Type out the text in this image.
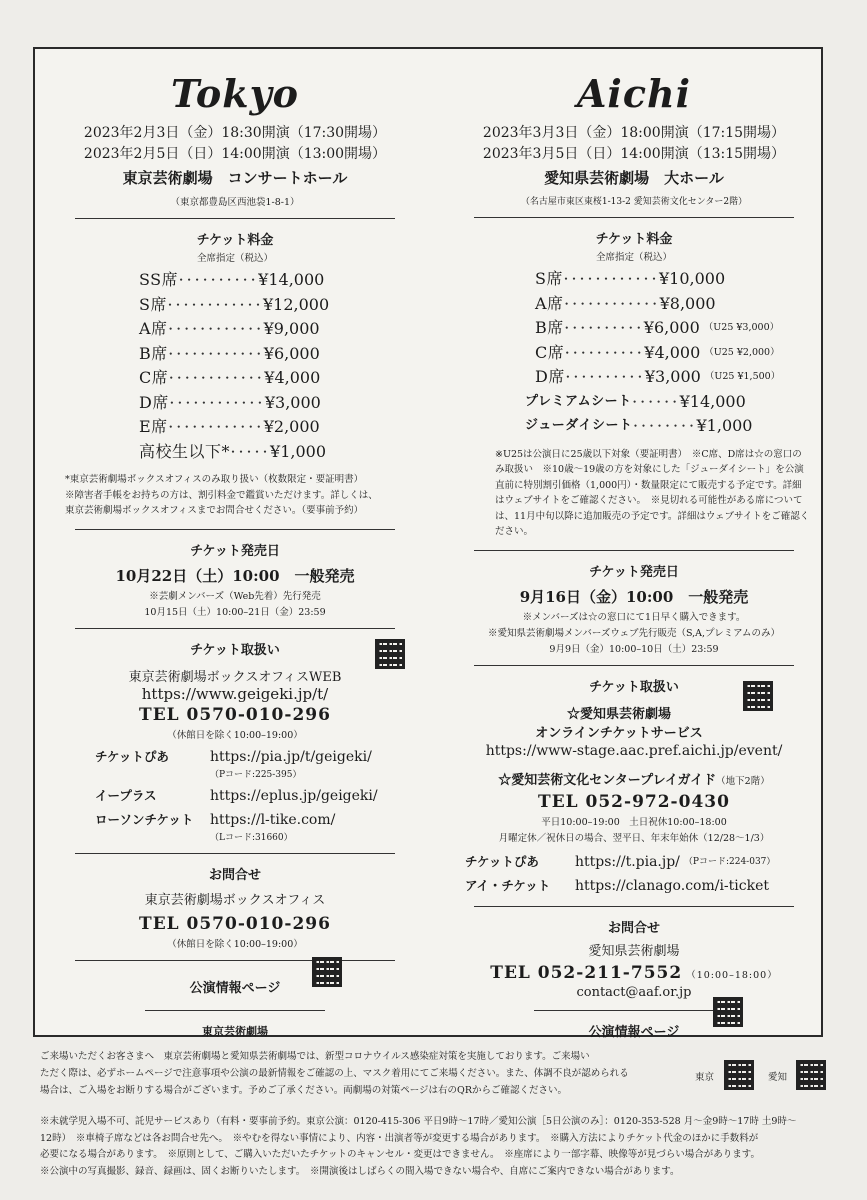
Tokyo
2023年2月3日（金）18:30開演（17:30開場）
2023年2月5日（日）14:00開演（13:00開場）
東京芸術劇場　コンサートホール
（東京都豊島区西池袋1-8-1）
チケット料金
全席指定（税込）
SS席 ･･････････ ¥14,000
S席 ････････････ ¥12,000
A席 ････････････ ¥9,000
B席 ････････････ ¥6,000
C席 ････････････ ¥4,000
D席 ････････････ ¥3,000
E席 ････････････ ¥2,000
高校生以下* ･････ ¥1,000
*東京芸術劇場ボックスオフィスのみ取り扱い（枚数限定・要証明書）
※障害者手帳をお持ちの方は、割引料金で鑑賞いただけます。詳しくは、
東京芸術劇場ボックスオフィスまでお問合せください。（要事前予約）
チケット発売日
10月22日（土）10:00　一般発売
※芸劇メンバーズ（Web先着）先行発売
10月15日（土）10:00–21日（金）23:59
チケット取扱い
東京芸術劇場ボックスオフィスWEB
https://www.geigeki.jp/t/
TEL 0570-010-296
（休館日を除く10:00–19:00）
チケットぴあ	https://pia.jp/t/geigeki/
（Pコード:225-395）
イープラス	https://eplus.jp/geigeki/
ローソンチケット	https://l-tike.com/
（Lコード:31660）
お問合せ
東京芸術劇場ボックスオフィス
TEL 0570-010-296
（休館日を除く10:00–19:00）
公演情報ページ
東京芸術劇場
Aichi
2023年3月3日（金）18:00開演（17:15開場）
2023年3月5日（日）14:00開演（13:15開場）
愛知県芸術劇場　大ホール
（名古屋市東区東桜1-13-2 愛知芸術文化センター2階）
チケット料金
全席指定（税込）
S席 ････････････ ¥10,000
A席 ････････････ ¥8,000
B席 ･･････････ ¥6,000 （U25 ¥3,000）
C席 ･･････････ ¥4,000 （U25 ¥2,000）
D席 ･･････････ ¥3,000 （U25 ¥1,500）
プレミアムシート ･･････ ¥14,000
ジューダイシート ････････ ¥1,000
※U25は公演日に25歳以下対象（要証明書）　※C席、D席は☆の窓口のみ取扱い　※10歳～19歳の方を対象にした「ジューダイシート」を公演直前に特別割引価格（1,000円）・数量限定にて販売する予定です。詳細はウェブサイトをご確認ください。　※見切れる可能性がある席については、11月中旬以降に追加販売の予定です。詳細はウェブサイトをご確認ください。
チケット発売日
9月16日（金）10:00　一般発売
※メンバーズは☆の窓口にて1日早く購入できます。
※愛知県芸術劇場メンバーズウェブ先行販売（S,A,プレミアムのみ）
9月9日（金）10:00–10日（土）23:59
チケット取扱い
☆愛知県芸術劇場
オンラインチケットサービス
https://www-stage.aac.pref.aichi.jp/event/
☆愛知芸術文化センタープレイガイド（地下2階）
TEL 052-972-0430
平日10:00–19:00　土日祝休10:00–18:00
月曜定休／祝休日の場合、翌平日、年末年始休（12/28～1/3）
チケットぴあ	https://t.pia.jp/ （Pコード:224-037）
アイ・チケット	https://clanago.com/i-ticket
お問合せ
愛知県芸術劇場
TEL 052-211-7552 （10:00–18:00）
contact@aaf.or.jp
公演情報ページ
ご来場いただくお客さまへ　東京芸術劇場と愛知県芸術劇場では、新型コロナウイルス感染症対策を実施しております。ご来場い
ただく際は、必ずホームページで注意事項や公演の最新情報をご確認の上、マスク着用にてご来場ください。また、体調不良が認められる
場合は、ご入場をお断りする場合がございます。予めご了承ください。両劇場の対策ページは右のQRからご確認ください。
東京	愛知
※未就学児入場不可、託児サービスあり（有料・要事前予約。東京公演：0120-415-306 平日9時～17時／愛知公演［5日公演のみ］：0120-353-528 月～金9時～17時 土9時～
12時）　※車椅子席などは各お問合せ先へ。　※やむを得ない事情により、内容・出演者等が変更する場合があります。　※購入方法によりチケット代金のほかに手数料が
必要になる場合があります。　※原則として、ご購入いただいたチケットのキャンセル・変更はできません。　※座席により一部字幕、映像等が見づらい場合があります。
※公演中の写真撮影、録音、録画は、固くお断りいたします。　※開演後はしばらくの間入場できない場合や、自席にご案内できない場合があります。
